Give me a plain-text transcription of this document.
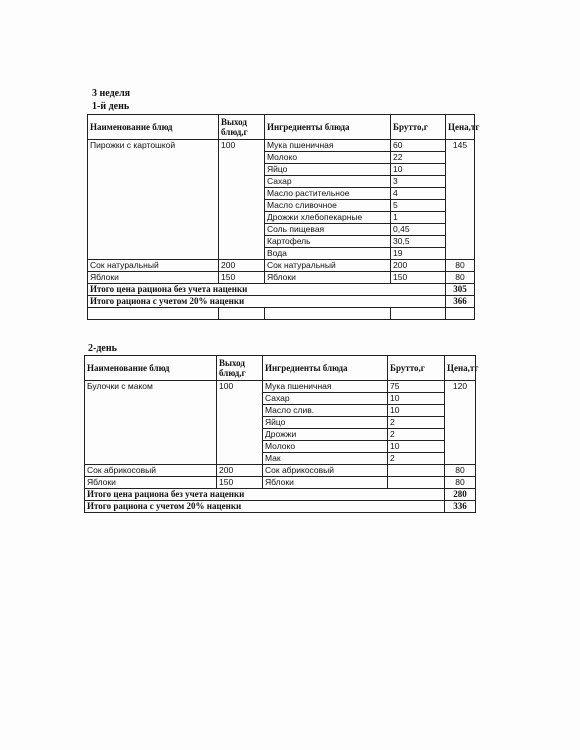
3 неделя
1-й день
Наименование блюд	Выход блюд,г	Ингредиенты блюда	Брутто,г	Цена,тг
Пирожки с картошкой	100	Мука пшеничная	60	145
		Молоко	22	
		Яйцо	10	
		Сахар	3	
		Масло растительное	4	
		Масло сливочное	5	
		Дрожжи хлебопекарные	1	
		Соль пищевая	0,45	
		Картофель	30,5	
		Вода	19	
Сок натуральный	200	Сок натуральный	200	80
Яблоки	150	Яблоки	150	80
Итого цена рациона без учета наценки				305
Итого рациона с учетом 20% наценки				366

2-день
Наименование блюд	Выход блюд,г	Ингредиенты блюда	Брутто,г	Цена,тг
Булочки с маком	100	Мука пшеничная	75	120
		Сахар	10	
		Масло слив.	10	
		Яйцо	2	
		Дрожжи	2	
		Молоко	10	
		Мак	2	
Сок абрикосовый	200	Сок абрикосовый		80
Яблоки	150	Яблоки		80
Итого цена рациона без учета наценки				280
Итого рациона с учетом 20% наценки				336
